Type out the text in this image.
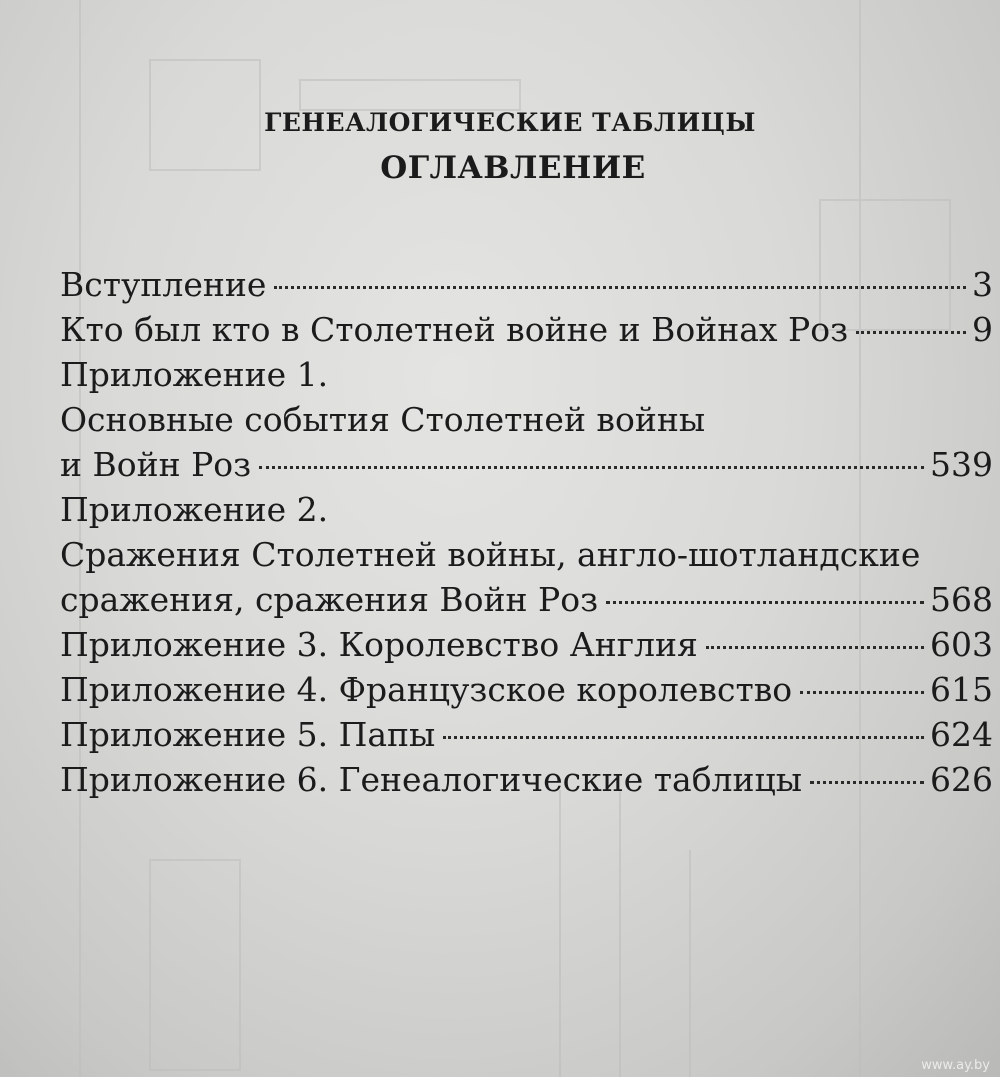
ГЕНЕАЛОГИЧЕСКИЕ ТАБЛИЦЫ
ОГЛАВЛЕНИЕ
Вступление	3
Кто был кто в Столетней войне и Войнах Роз	9
Приложение 1.
Основные события Столетней войны
и Войн Роз	539
Приложение 2.
Сражения Столетней войны, англо-шотландские
сражения, сражения Войн Роз	568
Приложение 3. Королевство Англия	603
Приложение 4. Французское королевство	615
Приложение 5. Папы	624
Приложение 6. Генеалогические таблицы	626
www.ay.by
